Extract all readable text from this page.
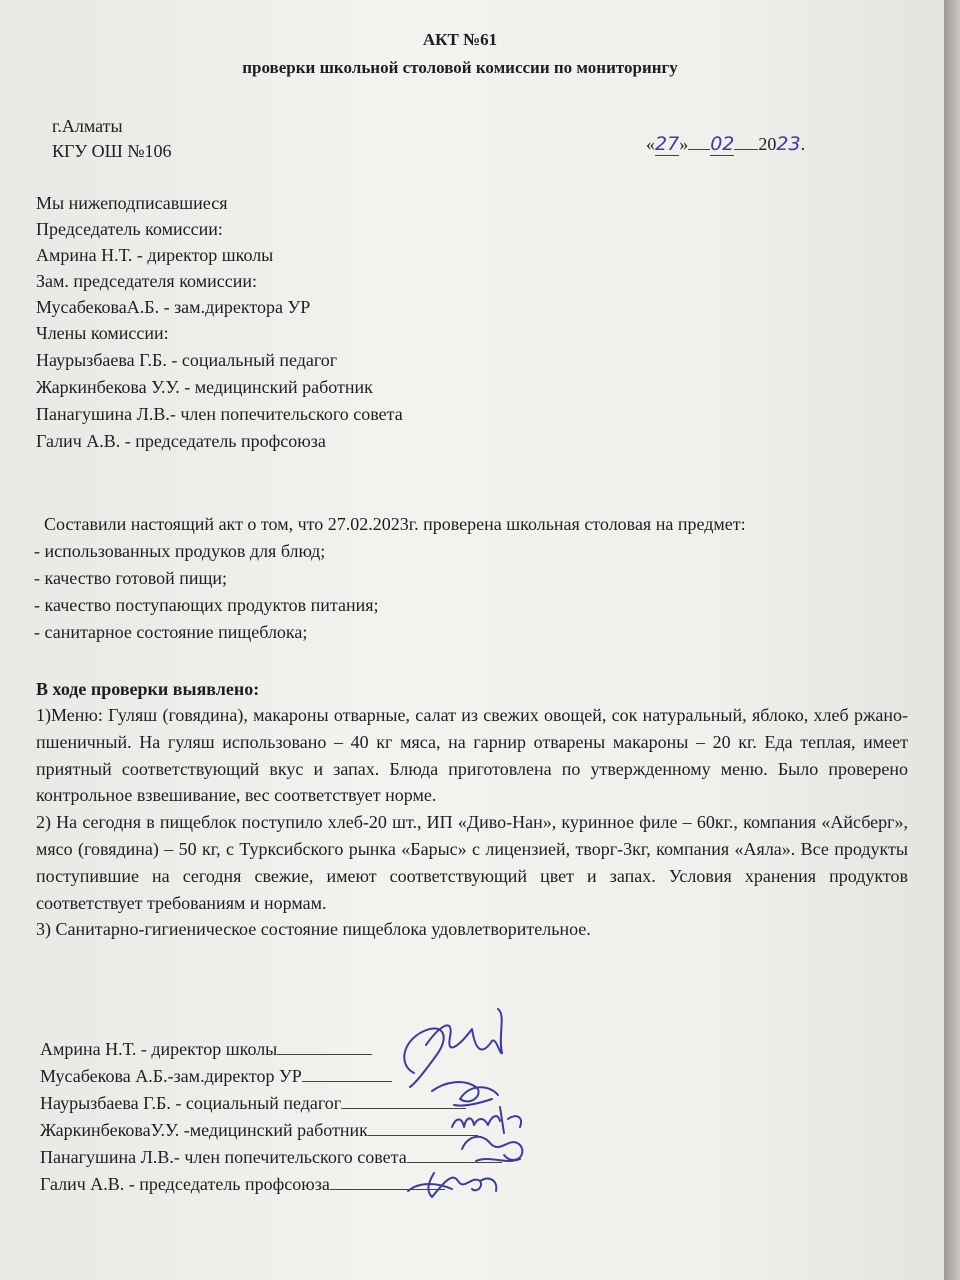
АКТ №61
проверки школьной столовой комиссии по мониторингу
г.Алматы
КГУ ОШ №106	«27» 02 2023.
Мы нижеподписавшиеся
Председатель комиссии:
Амрина Н.Т. - директор школы
Зам. председателя комиссии:
МусабековаА.Б. - зам.директора УР
Члены комиссии:
Наурызбаева Г.Б. - социальный педагог
Жаркинбекова У.У. - медицинский работник
Панагушина Л.В.- член попечительского совета
Галич А.В. - председатель профсоюза
Составили настоящий акт о том, что 27.02.2023г. проверена школьная столовая на предмет:
- использованных продуков для блюд;
- качество готовой пищи;
- качество поступающих продуктов питания;
- санитарное состояние пищеблока;
В ходе проверки выявлено:

1)Меню: Гуляш (говядина), макароны отварные, салат из свежих овощей, сок натуральный, яблоко, хлеб ржано-пшеничный. На гуляш использовано – 40 кг мяса, на гарнир отварены макароны – 20 кг. Еда теплая, имеет приятный соответствующий вкус и запах. Блюда приготовлена по утвержденному меню. Было проверено контрольное взвешивание, вес соответствует норме.

2) На сегодня в пищеблок поступило хлеб-20 шт., ИП «Диво-Нан», куринное филе – 60кг., компания «Айсберг», мясо (говядина) – 50 кг, с Турксибского рынка «Барыс» с лицензией, творг-3кг, компания «Аяла». Все продукты поступившие на сегодня свежие, имеют соответствующий цвет и запах. Условия хранения продуктов соответствует требованиям и нормам.

3) Санитарно-гигиеническое состояние пищеблока удовлетворительное.

Амрина Н.Т. - директор школы
Мусабекова А.Б.-зам.директор УР
Наурызбаева Г.Б. - социальный педагог
ЖаркинбековаУ.У. -медицинский работник
Панагушина Л.В.- член попечительского совета
Галич А.В. - председатель профсоюза
